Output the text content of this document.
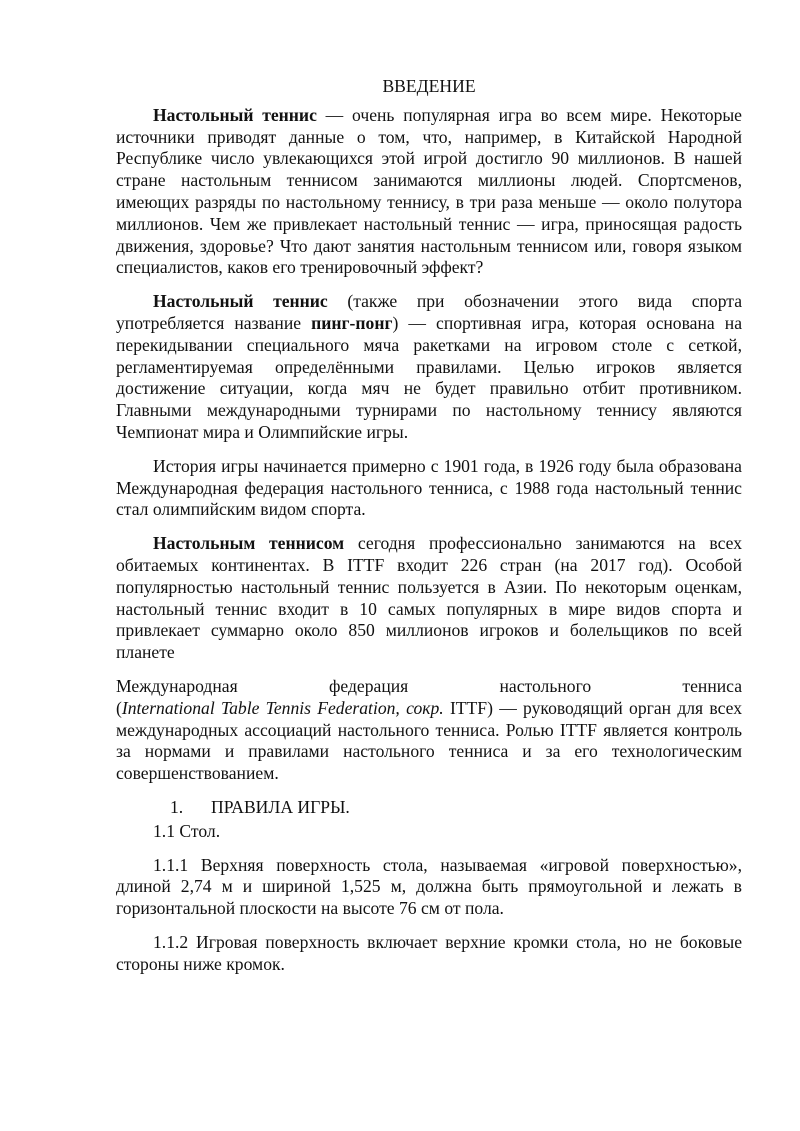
ВВЕДЕНИЕ

Настольный теннис — очень популярная игра во всем мире. Некоторые источники приводят данные о том, что, например, в Китайской Народной Республике число увлекающихся этой игрой достигло 90 миллионов. В нашей стране настольным теннисом занимаются миллионы людей. Спортсменов, имеющих разряды по настольному теннису, в три раза меньше — около полутора миллионов. Чем же привлекает настольный теннис — игра, приносящая радость движения, здоровье? Что дают занятия настольным теннисом или, говоря языком специалистов, каков его тренировочный эффект?

Настольный теннис (также при обозначении этого вида спорта употребляется название пинг-понг) — спортивная игра, которая основана на перекидывании специального мяча ракетками на игровом столе с сеткой, регламентируемая определёнными правилами. Целью игроков является достижение ситуации, когда мяч не будет правильно отбит противником. Главными международными турнирами по настольному теннису являются Чемпионат мира и Олимпийские игры.

История игры начинается примерно с 1901 года, в 1926 году была образована Международная федерация настольного тенниса, с 1988 года настольный теннис стал олимпийским видом спорта.

Настольным теннисом сегодня профессионально занимаются на всех обитаемых континентах. В ITTF входит 226 стран (на 2017 год). Особой популярностью настольный теннис пользуется в Азии. По некоторым оценкам, настольный теннис входит в 10 самых популярных в мире видов спорта и привлекает суммарно около 850 миллионов игроков и болельщиков по всей планете

Международная федерация настольного тенниса
(International Table Tennis Federation, сокр. ITTF) — руководящий орган для всех международных ассоциаций настольного тенниса. Ролью ITTF является контроль за нормами и правилами настольного тенниса и за его технологическим совершенствованием.

1. ПРАВИЛА ИГРЫ.
1.1 Стол.

1.1.1 Верхняя поверхность стола, называемая «игровой поверхностью», длиной 2,74 м и шириной 1,525 м, должна быть прямоугольной и лежать в горизонтальной плоскости на высоте 76 см от пола.

1.1.2 Игровая поверхность включает верхние кромки стола, но не боковые стороны ниже кромок.
